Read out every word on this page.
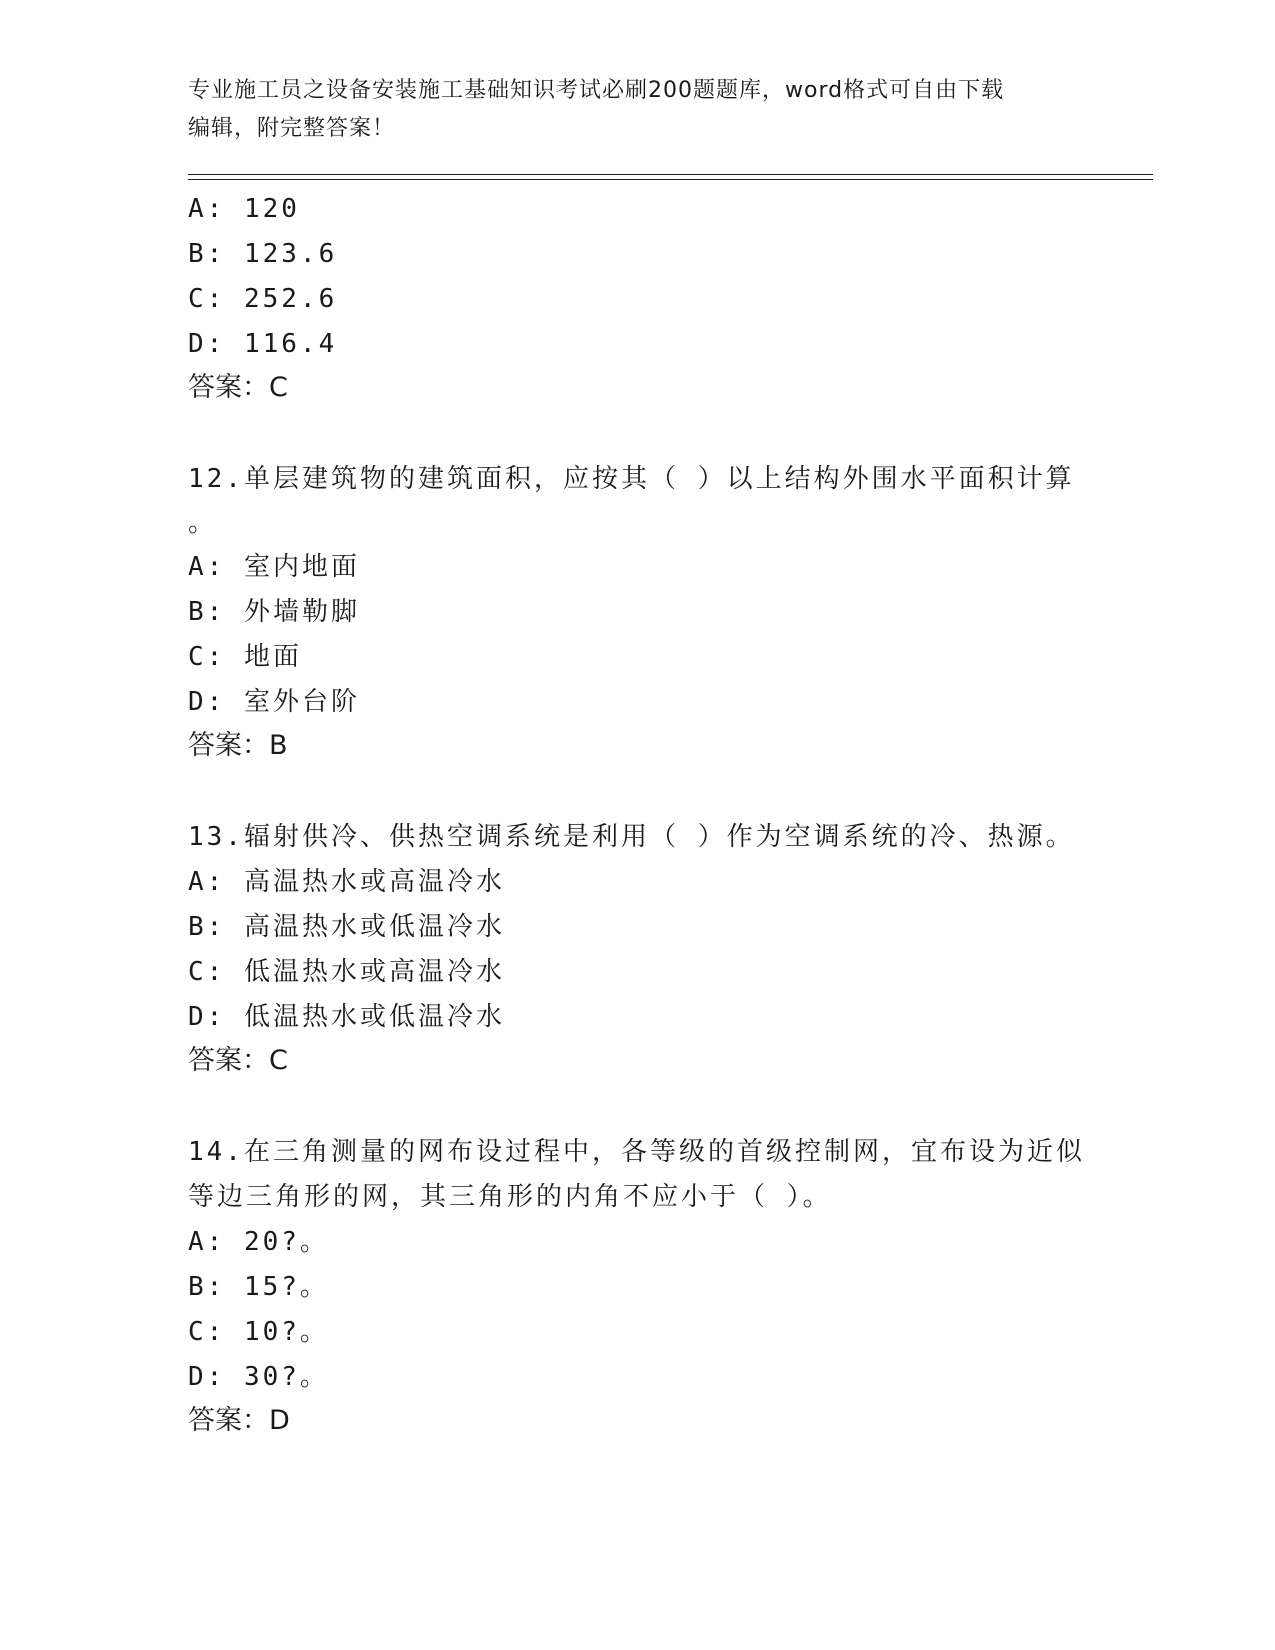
专业施工员之设备安装施工基础知识考试必刷200题题库，word格式可自由下载
编辑，附完整答案！
A: 120
B: 123.6
C: 252.6
D: 116.4
答案：C
12.单层建筑物的建筑面积，应按其（ ）以上结构外围水平面积计算
。
A: 室内地面
B: 外墙勒脚
C: 地面
D: 室外台阶
答案：B
13.辐射供冷、供热空调系统是利用（ ）作为空调系统的冷、热源。
A: 高温热水或高温冷水
B: 高温热水或低温冷水
C: 低温热水或高温冷水
D: 低温热水或低温冷水
答案：C
14.在三角测量的网布设过程中，各等级的首级控制网，宜布设为近似
等边三角形的网，其三角形的内角不应小于（ ）。
A: 20?。
B: 15?。
C: 10?。
D: 30?。
答案：D
